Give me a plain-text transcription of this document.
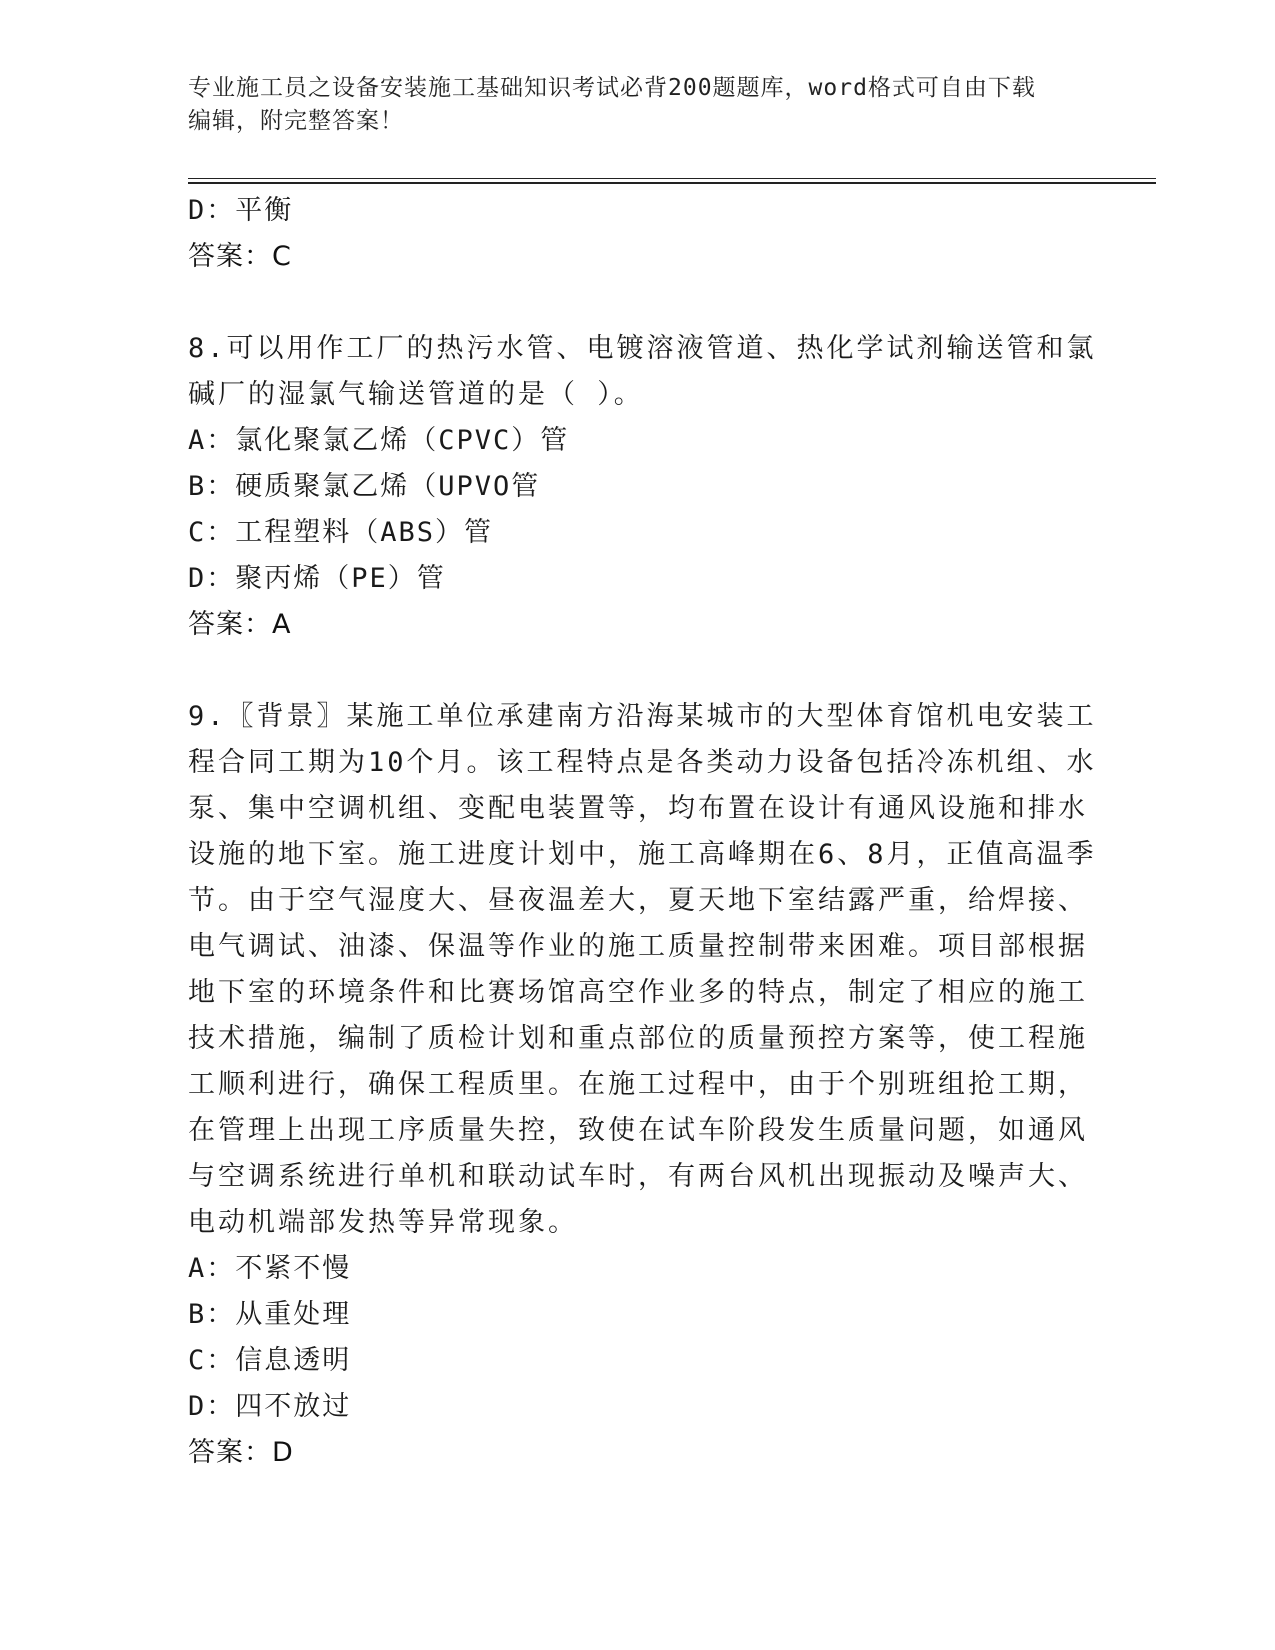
专业施工员之设备安装施工基础知识考试必背200题题库，word格式可自由下载
编辑，附完整答案！
D：平衡
答案：C
8.可以用作工厂的热污水管、电镀溶液管道、热化学试剂输送管和氯
碱厂的湿氯气输送管道的是（ ）。
A：氯化聚氯乙烯（CPVC）管
B：硬质聚氯乙烯（UPVO管
C：工程塑料（ABS）管
D：聚丙烯（PE）管
答案：A
9.〖背景〗某施工单位承建南方沿海某城市的大型体育馆机电安装工
程合同工期为10个月。该工程特点是各类动力设备包括冷冻机组、水
泵、集中空调机组、变配电装置等，均布置在设计有通风设施和排水
设施的地下室。施工进度计划中，施工高峰期在6、8月，正值高温季
节。由于空气湿度大、昼夜温差大，夏天地下室结露严重，给焊接、
电气调试、油漆、保温等作业的施工质量控制带来困难。项目部根据
地下室的环境条件和比赛场馆高空作业多的特点，制定了相应的施工
技术措施，编制了质检计划和重点部位的质量预控方案等，使工程施
工顺利进行，确保工程质里。在施工过程中，由于个别班组抢工期，
在管理上出现工序质量失控，致使在试车阶段发生质量问题，如通风
与空调系统进行单机和联动试车时，有两台风机出现振动及噪声大、
电动机端部发热等异常现象。
A：不紧不慢
B：从重处理
C：信息透明
D：四不放过
答案：D
